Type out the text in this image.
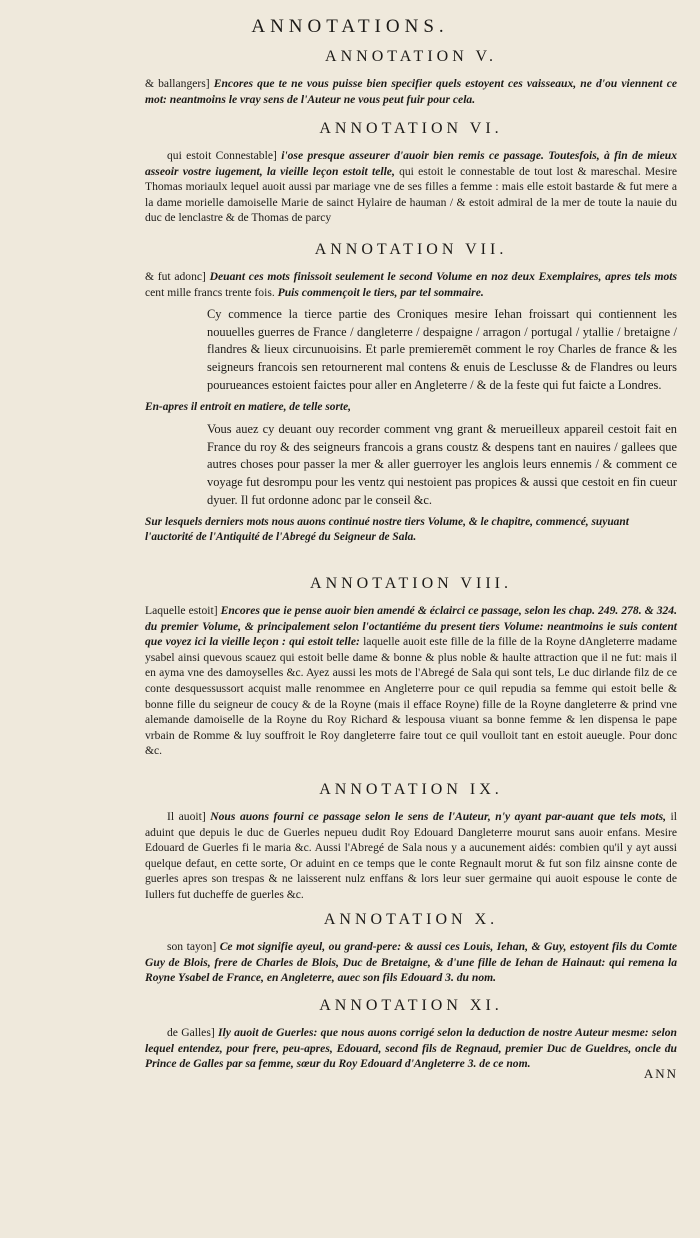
ANNOTATIONS.
ANNOTATION V.

& ballangers] Encores que te ne vous puisse bien specifier quels estoyent ces vaisseaux, ne d'ou viennent ce mot: neantmoins le vray sens de l'Auteur ne vous peut fuir pour cela.

ANNOTATION VI.

qui estoit Connestable] i'ose presque asseurer d'auoir bien remis ce passage. Toutesfois, à fin de mieux asseoir vostre iugement, la vieille leçon estoit telle, qui estoit le connestable de tout lost & mareschal. Mesire Thomas moriaulx lequel auoit aussi par mariage vne de ses filles a femme : mais elle estoit bastarde & fut mere a la dame morielle damoiselle Marie de sainct Hylaire de hauman / & estoit admiral de la mer de toute la nauie du duc de lenclastre & de Thomas de parcy

ANNOTATION VII.

& fut adonc] Deuant ces mots finissoit seulement le second Volume en noz deux Exemplaires, apres tels mots cent mille francs trente fois. Puis commençoit le tiers, par tel sommaire.

Cy commence la tierce partie des Croniques mesire Iehan froissart qui contiennent les nouuelles guerres de France / dangleterre / despaigne / arragon / portugal / ytallie / bretaigne / flandres & lieux circunuoisins. Et parle premieremēt comment le roy Charles de france & les seigneurs francois sen retournerent mal contens & enuis de Lesclusse & de Flandres ou leurs pourueances estoient faictes pour aller en Angleterre / & de la feste qui fut faicte a Londres.

En-apres il entroit en matiere, de telle sorte,

Vous auez cy deuant ouy recorder comment vng grant & merueilleux appareil cestoit fait en France du roy & des seigneurs francois a grans coustz & despens tant en nauires / gallees que autres choses pour passer la mer & aller guerroyer les anglois leurs ennemis / & comment ce voyage fut desrompu pour les ventz qui nestoient pas propices & aussi que cestoit en fin cueur dyuer. Il fut ordonne adonc par le conseil &c.

Sur lesquels derniers mots nous auons continué nostre tiers Volume, & le chapitre, commencé, suyuant l'auctorité de l'Antiquité de l'Abregé du Seigneur de Sala.

ANNOTATION VIII.

Laquelle estoit] Encores que ie pense auoir bien amendé & éclairci ce passage, selon les chap. 249. 278. & 324. du premier Volume, & principalement selon l'octantiéme du present tiers Volume: neantmoins ie suis content que voyez ici la vieille leçon : qui estoit telle: laquelle auoit este fille de la fille de la Royne dAngleterre madame ysabel ainsi quevous scauez qui estoit belle dame & bonne & plus noble & haulte attraction que il ne fut: mais il en ayma vne des damoyselles &c. Ayez aussi les mots de l'Abregé de Sala qui sont tels, Le duc dirlande filz de ce conte desquessussort acquist malle renommee en Angleterre pour ce quil repudia sa femme qui estoit belle & bonne fille du seigneur de coucy & de la Royne (mais il efface Royne) fille de la Royne dangleterre & prind vne alemande damoiselle de la Royne du Roy Richard & lespousa viuant sa bonne femme & len dispensa le pape vrbain de Romme & luy souffroit le Roy dangleterre faire tout ce quil voulloit tant en estoit aueugle. Pour donc &c.

ANNOTATION IX.

Il auoit] Nous auons fourni ce passage selon le sens de l'Auteur, n'y ayant par-auant que tels mots, il aduint que depuis le duc de Guerles nepueu dudit Roy Edouard Dangleterre mourut sans auoir enfans. Mesire Edouard de Guerles fi le maria &c. Aussi l'Abregé de Sala nous y a aucunement aidés: combien qu'il y ayt aussi quelque defaut, en cette sorte, Or aduint en ce temps que le conte Regnault morut & fut son filz ainsne conte de guerles apres son trespas & ne laisserent nulz enffans & lors leur suer germaine qui auoit espouse le conte de Iullers fut ducheffe de guerles &c.

ANNOTATION X.

son tayon] Ce mot signifie ayeul, ou grand-pere: & aussi ces Louis, Iehan, & Guy, estoyent fils du Comte Guy de Blois, frere de Charles de Blois, Duc de Bretaigne, & d'une fille de Iehan de Hainaut: qui remena la Royne Ysabel de France, en Angleterre, auec son fils Edouard 3. du nom.

ANNOTATION XI.

de Galles] Ily auoit de Guerles: que nous auons corrigé selon la deduction de nostre Auteur mesme: selon lequel entendez, pour frere, peu-apres, Edouard, second fils de Regnaud, premier Duc de Gueldres, oncle du Prince de Galles par sa femme, sœur du Roy Edouard d'Angleterre 3. de ce nom.

ANN
